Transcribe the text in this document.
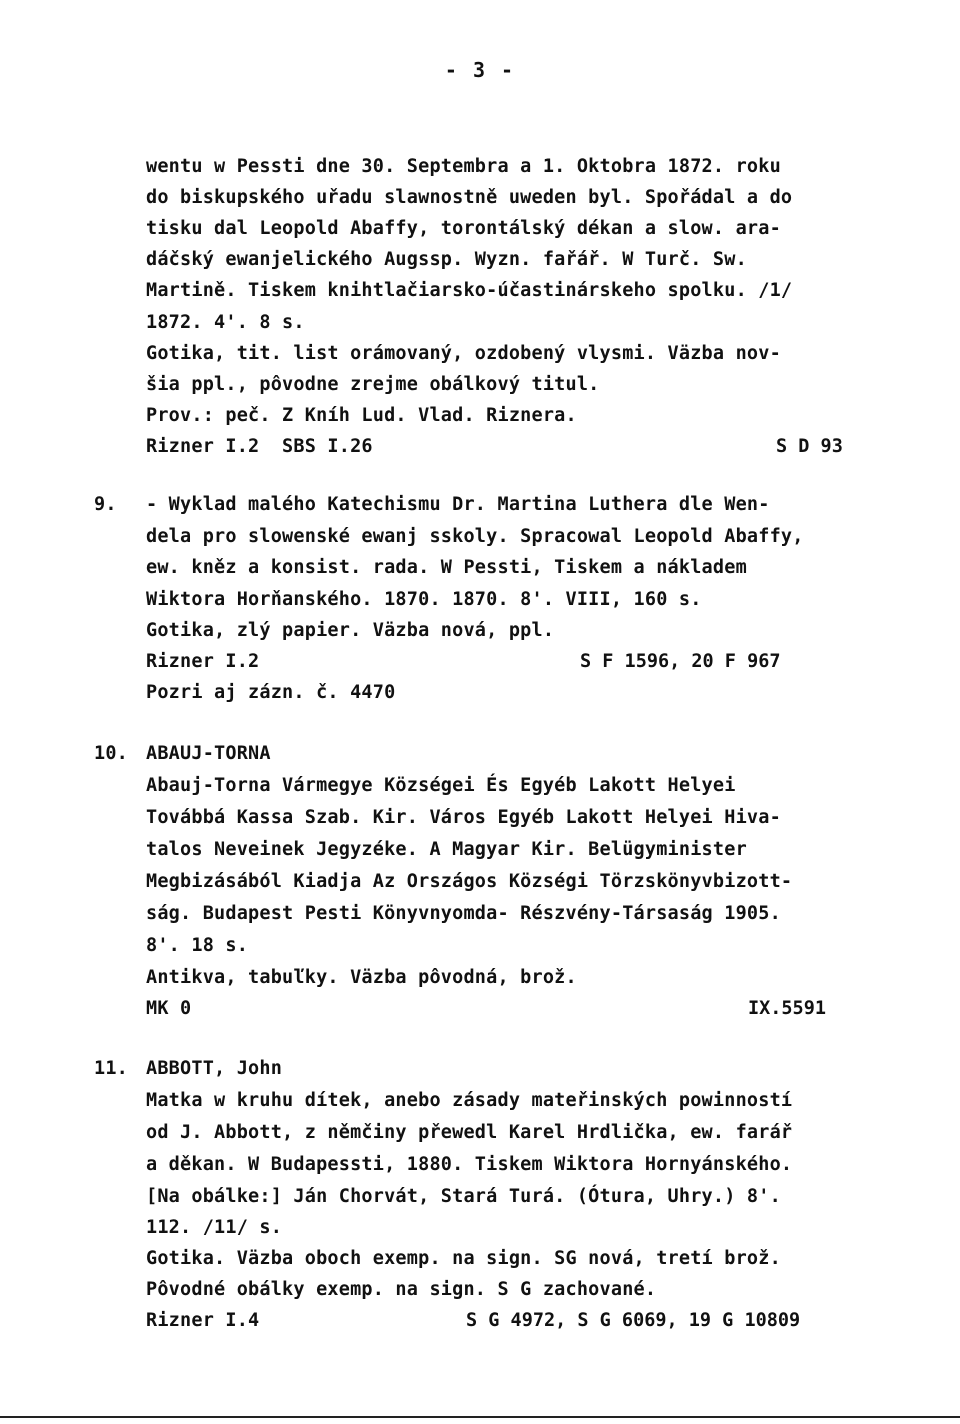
- 3 -
wentu w Pessti dne 30. Septembra a 1. Oktobra 1872. roku
do biskupského uřadu slawnostně uweden byl. Spořádal a do
tisku dal Leopold Abaffy, torontálský dékan a slow. ara-
dáčský ewanjelického Augssp. Wyzn. fařář. W Turč. Sw.
Martině. Tiskem knihtlačiarsko-účastinárskeho spolku. /1/
1872. 4'. 8 s.
Gotika, tit. list orámovaný, ozdobený vlysmi. Väzba nov-
šia ppl., pôvodne zrejme obálkový titul.
Prov.: peč. Z Kníh Lud. Vlad. Riznera.
Rizner I.2  SBS I.26	S D 93
9. - Wyklad malého Katechismu Dr. Martina Luthera dle Wen-
dela pro slowenské ewanj sskoly. Spracowal Leopold Abaffy,
ew. kněz a konsist. rada. W Pessti, Tiskem a nákladem
Wiktora Horňanského. 1870. 1870. 8'. VIII, 160 s.
Gotika, zlý papier. Väzba nová, ppl.
Rizner I.2	S F 1596, 20 F 967
Pozri aj zázn. č. 4470
10. ABAUJ-TORNA
Abauj-Torna Vármegye Községei És Egyéb Lakott Helyei
Továbbá Kassa Szab. Kir. Város Egyéb Lakott Helyei Hiva-
talos Neveinek Jegyzéke. A Magyar Kir. Belügyminister
Megbizásából Kiadja Az Országos Községi Törzskönyvbizott-
ság. Budapest Pesti Könyvnyomda- Részvény-Társaság 1905.
8'. 18 s.
Antikva, tabuľky. Väzba pôvodná, brož.
MK 0	IX.5591
11. ABBOTT, John
Matka w kruhu dítek, anebo zásady mateřinských powinností
od J. Abbott, z němčiny přewedl Karel Hrdlička, ew. farář
a děkan. W Budapessti, 1880. Tiskem Wiktora Hornyánského.
[Na obálke:] Ján Chorvát, Stará Turá. (Ótura, Uhry.) 8'.
112. /11/ s.
Gotika. Väzba oboch exemp. na sign. SG nová, tretí brož.
Pôvodné obálky exemp. na sign. S G zachované.
Rizner I.4	S G 4972, S G 6069, 19 G 10809
